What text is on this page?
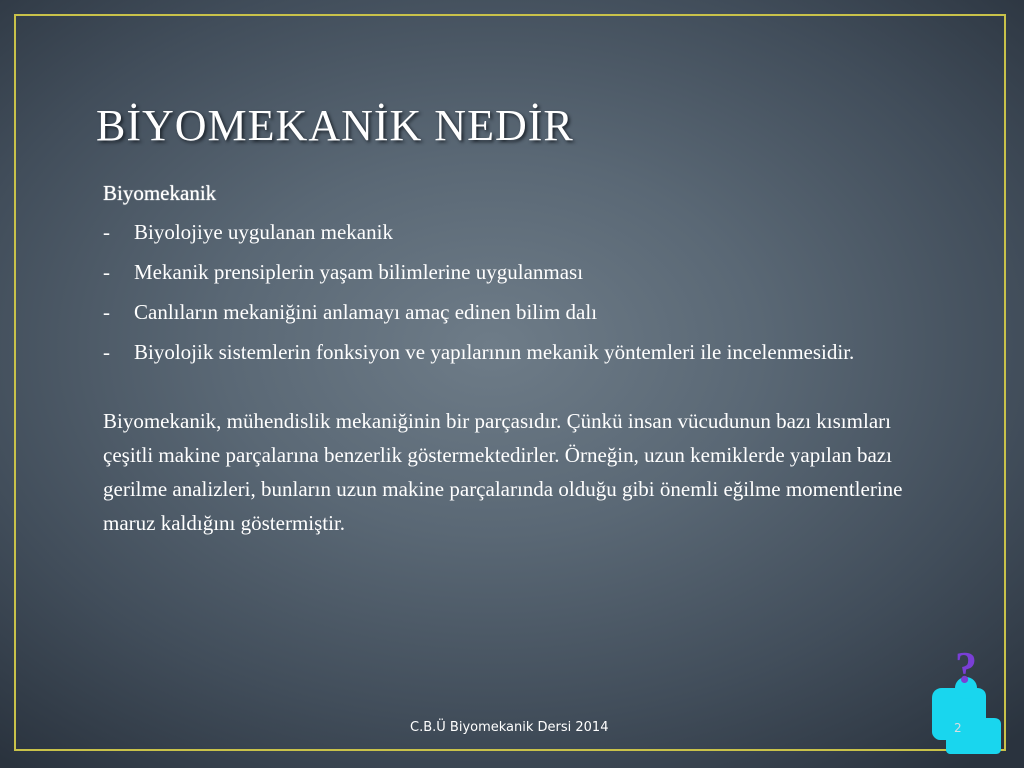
BİYOMEKANİK NEDİR
Biyomekanik
- Biyolojiye uygulanan mekanik
- Mekanik prensiplerin yaşam bilimlerine uygulanması
- Canlıların mekaniğini anlamayı amaç edinen bilim dalı
- Biyolojik sistemlerin fonksiyon ve yapılarının mekanik yöntemleri ile incelenmesidir.

Biyomekanik, mühendislik mekaniğinin bir parçasıdır. Çünkü insan vücudunun bazı kısımları çeşitli makine parçalarına benzerlik göstermektedirler. Örneğin, uzun kemiklerde yapılan bazı gerilme analizleri, bunların uzun makine parçalarında olduğu gibi önemli eğilme momentlerine maruz kaldığını göstermiştir.

C.B.Ü Biyomekanik Dersi 2014
?
2
